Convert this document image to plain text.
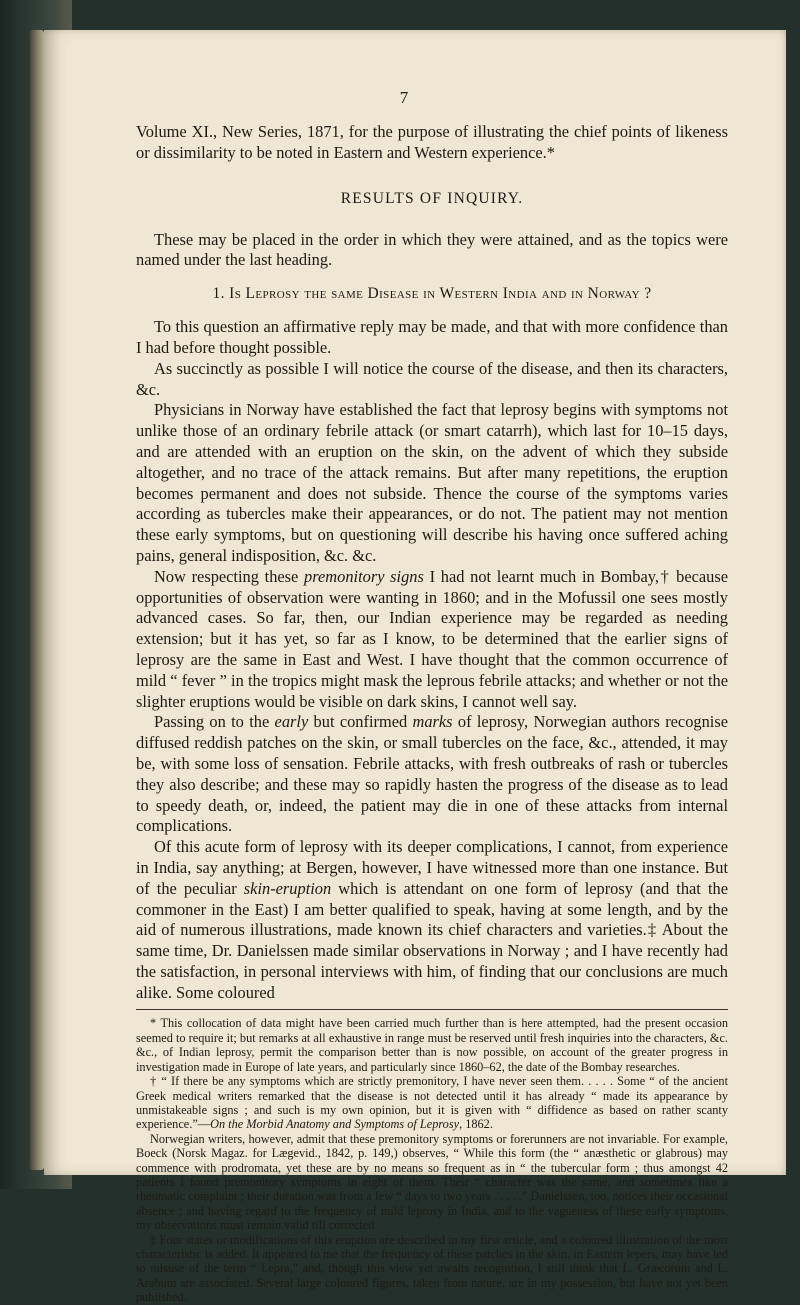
7

Volume XI., New Series, 1871, for the purpose of illustrating the chief points of likeness or dissimilarity to be noted in Eastern and Western experience.*

RESULTS OF INQUIRY.

These may be placed in the order in which they were attained, and as the topics were named under the last heading.

1. Is Leprosy the same Disease in Western India and in Norway ?

To this question an affirmative reply may be made, and that with more confidence than I had before thought possible.

As succinctly as possible I will notice the course of the disease, and then its characters, &c.

Physicians in Norway have established the fact that leprosy begins with symptoms not unlike those of an ordinary febrile attack (or smart catarrh), which last for 10–15 days, and are attended with an eruption on the skin, on the advent of which they subside altogether, and no trace of the attack remains. But after many repetitions, the eruption becomes permanent and does not subside. Thence the course of the symptoms varies according as tubercles make their appearances, or do not. The patient may not mention these early symptoms, but on questioning will describe his having once suffered aching pains, general indisposition, &c. &c.

Now respecting these premonitory signs I had not learnt much in Bombay,† because opportunities of observation were wanting in 1860; and in the Mofussil one sees mostly advanced cases. So far, then, our Indian experience may be regarded as needing extension; but it has yet, so far as I know, to be determined that the earlier signs of leprosy are the same in East and West. I have thought that the common occurrence of mild “ fever ” in the tropics might mask the leprous febrile attacks; and whether or not the slighter eruptions would be visible on dark skins, I cannot well say.

Passing on to the early but confirmed marks of leprosy, Norwegian authors recognise diffused reddish patches on the skin, or small tubercles on the face, &c., attended, it may be, with some loss of sensation. Febrile attacks, with fresh outbreaks of rash or tubercles they also describe; and these may so rapidly hasten the progress of the disease as to lead to speedy death, or, indeed, the patient may die in one of these attacks from internal complications.

Of this acute form of leprosy with its deeper complications, I cannot, from experience in India, say anything; at Bergen, however, I have witnessed more than one instance. But of the peculiar skin-eruption which is attendant on one form of leprosy (and that the commoner in the East) I am better qualified to speak, having at some length, and by the aid of numerous illustrations, made known its chief characters and varieties.‡ About the same time, Dr. Danielssen made similar observations in Norway ; and I have recently had the satisfaction, in personal interviews with him, of finding that our conclusions are much alike. Some coloured

* This collocation of data might have been carried much further than is here attempted, had the present occasion seemed to require it; but remarks at all exhaustive in range must be reserved until fresh inquiries into the characters, &c. &c., of Indian leprosy, permit the comparison better than is now possible, on account of the greater progress in investigation made in Europe of late years, and particularly since 1860–62, the date of the Bombay researches.

† “ If there be any symptoms which are strictly premonitory, I have never seen them. . . . . Some “ of the ancient Greek medical writers remarked that the disease is not detected until it has already “ made its appearance by unmistakeable signs ; and such is my own opinion, but it is given with “ diffidence as based on rather scanty experience.”—On the Morbid Anatomy and Symptoms of Leprosy, 1862.

Norwegian writers, however, admit that these premonitory symptoms or forerunners are not invariable. For example, Boeck (Norsk Magaz. for Lægevid., 1842, p. 149,) observes, “ While this form (the “ anæsthetic or glabrous) may commence with prodromata, yet these are by no means so frequent as in “ the tubercular form ; thus amongst 42 patients I found premonitory symptoms in eight of them. Their “ character was the same, and sometimes like a rheumatic complaint ; their duration was from a few “ days to two years . . . . .” Danielssen, too, notices their occasional absence ; and having regard to the frequency of mild leprosy in India, and to the vagueness of these early symptoms, my observations must remain valid till corrected.

‡ Four states or modifications of this eruption are described in my first article, and a coloured illustration of the most characteristic is added. It appeared to me that the frequency of these patches in the skin, in Eastern lepers, may have led to misuse of the term “ Lepra,” and, though this view yet awaits recognition, I still think that L. Græcorum and L. Arabum are associated. Several large coloured figures, taken from nature, are in my possession, but have not yet been published.
